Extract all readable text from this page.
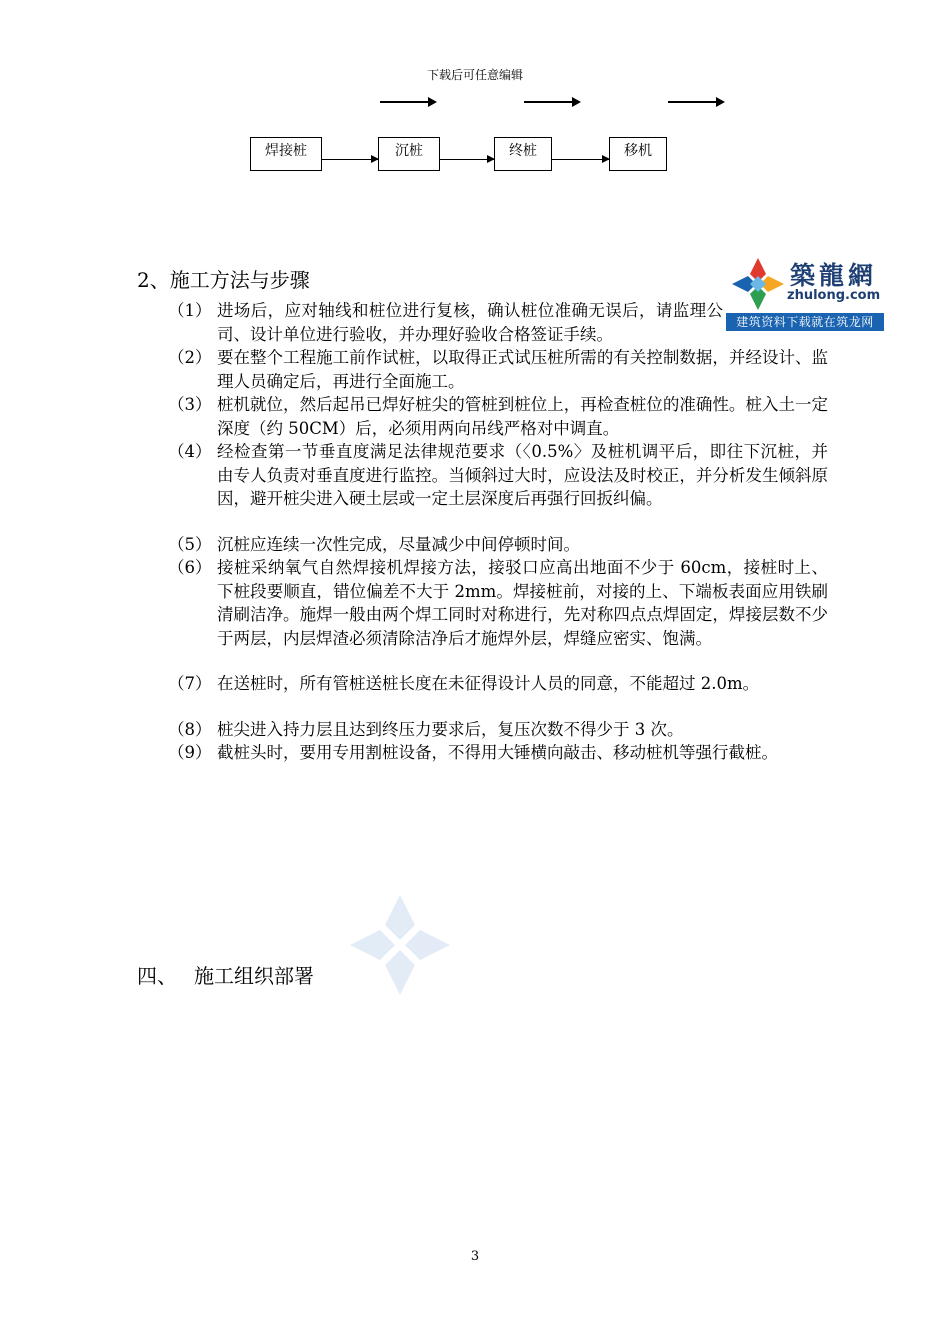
下载后可任意编辑
焊接桩	沉桩	终桩	移机
2、施工方法与步骤	築龍網
zhulong.com
建筑资料下载就在筑龙网
（1） 进场后，应对轴线和桩位进行复核，确认桩位准确无误后，请监理公司、设计单位进行验收，并办理好验收合格签证手续。
（2） 要在整个工程施工前作试桩，以取得正式试压桩所需的有关控制数据，并经设计、监理人员确定后，再进行全面施工。
（3） 桩机就位，然后起吊已焊好桩尖的管桩到桩位上，再检查桩位的准确性。桩入土一定深度（约 50CM）后，必须用两向吊线严格对中调直。
（4） 经检查第一节垂直度满足法律规范要求（〈0.5%〉及桩机调平后，即往下沉桩，并由专人负责对垂直度进行监控。当倾斜过大时，应设法及时校正，并分析发生倾斜原因，避开桩尖进入硬土层或一定土层深度后再强行回扳纠偏。
（5） 沉桩应连续一次性完成，尽量减少中间停顿时间。
（6） 接桩采纳氧气自然焊接机焊接方法，接驳口应高出地面不少于 60cm，接桩时上、下桩段要顺直，错位偏差不大于 2mm。焊接桩前，对接的上、下端板表面应用铁刷清刷洁净。施焊一般由两个焊工同时对称进行，先对称四点点焊固定，焊接层数不少于两层，内层焊渣必须清除洁净后才施焊外层，焊缝应密实、饱满。
（7） 在送桩时，所有管桩送桩长度在未征得设计人员的同意，不能超过 2.0m。
（8） 桩尖进入持力层且达到终压力要求后，复压次数不得少于 3 次。
（9） 截桩头时，要用专用割桩设备，不得用大锤横向敲击、移动桩机等强行截桩。
四、 施工组织部署
3
